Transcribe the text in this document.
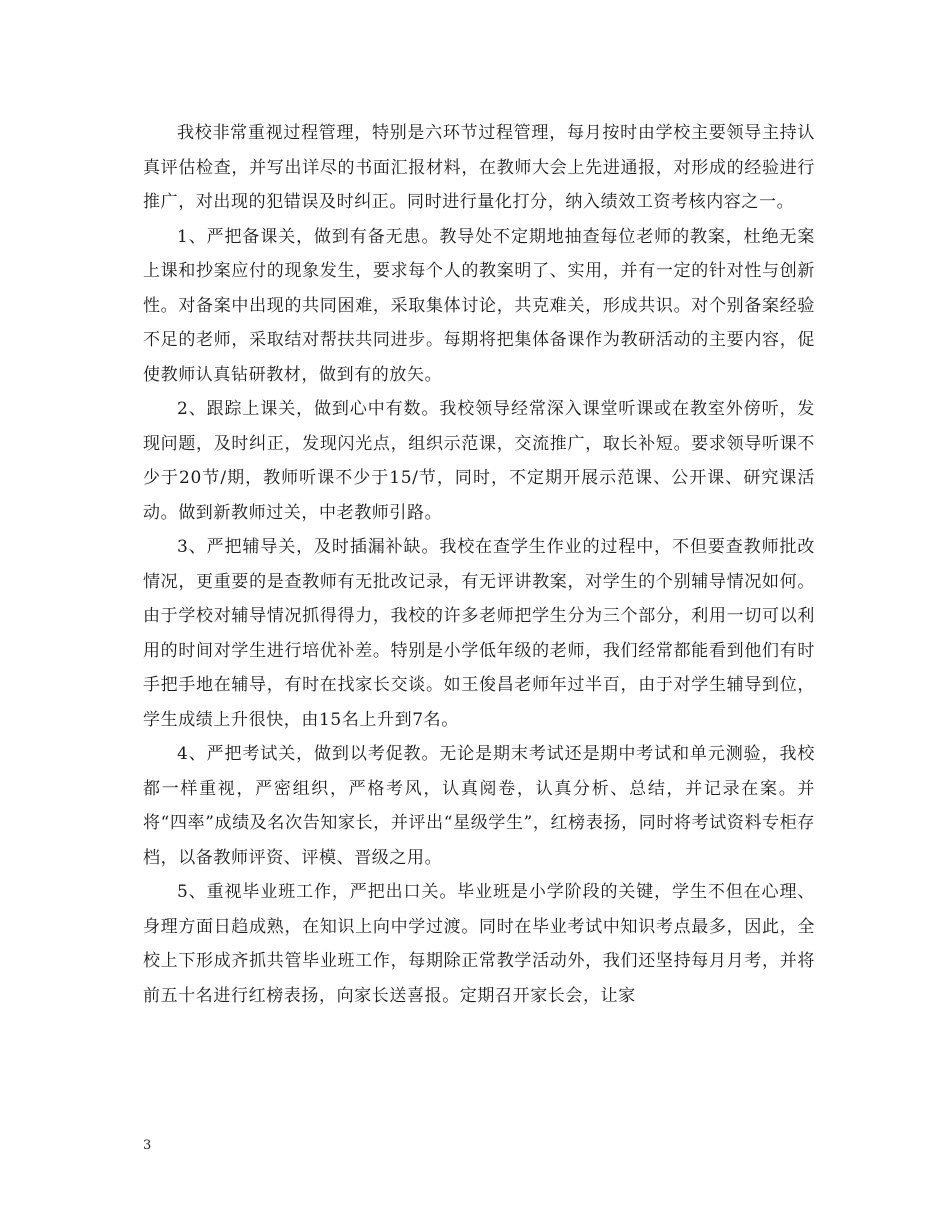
我校非常重视过程管理，特别是六环节过程管理，每月按时由学校主要领导主持认真评估检查，并写出详尽的书面汇报材料，在教师大会上先进通报，对形成的经验进行推广，对出现的犯错误及时纠正。同时进行量化打分，纳入绩效工资考核内容之一。

1、严把备课关，做到有备无患。教导处不定期地抽查每位老师的教案，杜绝无案上课和抄案应付的现象发生，要求每个人的教案明了、实用，并有一定的针对性与创新性。对备案中出现的共同困难，采取集体讨论，共克难关，形成共识。对个别备案经验不足的老师，采取结对帮扶共同进步。每期将把集体备课作为教研活动的主要内容，促使教师认真钻研教材，做到有的放矢。

2、跟踪上课关，做到心中有数。我校领导经常深入课堂听课或在教室外傍听，发现问题，及时纠正，发现闪光点，组织示范课，交流推广，取长补短。要求领导听课不少于20节/期，教师听课不少于15/节，同时，不定期开展示范课、公开课、研究课活动。做到新教师过关，中老教师引路。

3、严把辅导关，及时插漏补缺。我校在查学生作业的过程中，不但要查教师批改情况，更重要的是查教师有无批改记录，有无评讲教案，对学生的个别辅导情况如何。由于学校对辅导情况抓得得力，我校的许多老师把学生分为三个部分，利用一切可以利用的时间对学生进行培优补差。特别是小学低年级的老师，我们经常都能看到他们有时手把手地在辅导，有时在找家长交谈。如王俊昌老师年过半百，由于对学生辅导到位，学生成绩上升很快，由15名上升到7名。

4、严把考试关，做到以考促教。无论是期末考试还是期中考试和单元测验，我校都一样重视，严密组织，严格考风，认真阅卷，认真分析、总结，并记录在案。并将“四率”成绩及名次告知家长，并评出“星级学生”，红榜表扬，同时将考试资料专柜存档，以备教师评资、评模、晋级之用。

5、重视毕业班工作，严把出口关。毕业班是小学阶段的关键，学生不但在心理、身理方面日趋成熟，在知识上向中学过渡。同时在毕业考试中知识考点最多，因此，全校上下形成齐抓共管毕业班工作，每期除正常教学活动外，我们还坚持每月月考，并将前五十名进行红榜表扬，向家长送喜报。定期召开家长会，让家

3
